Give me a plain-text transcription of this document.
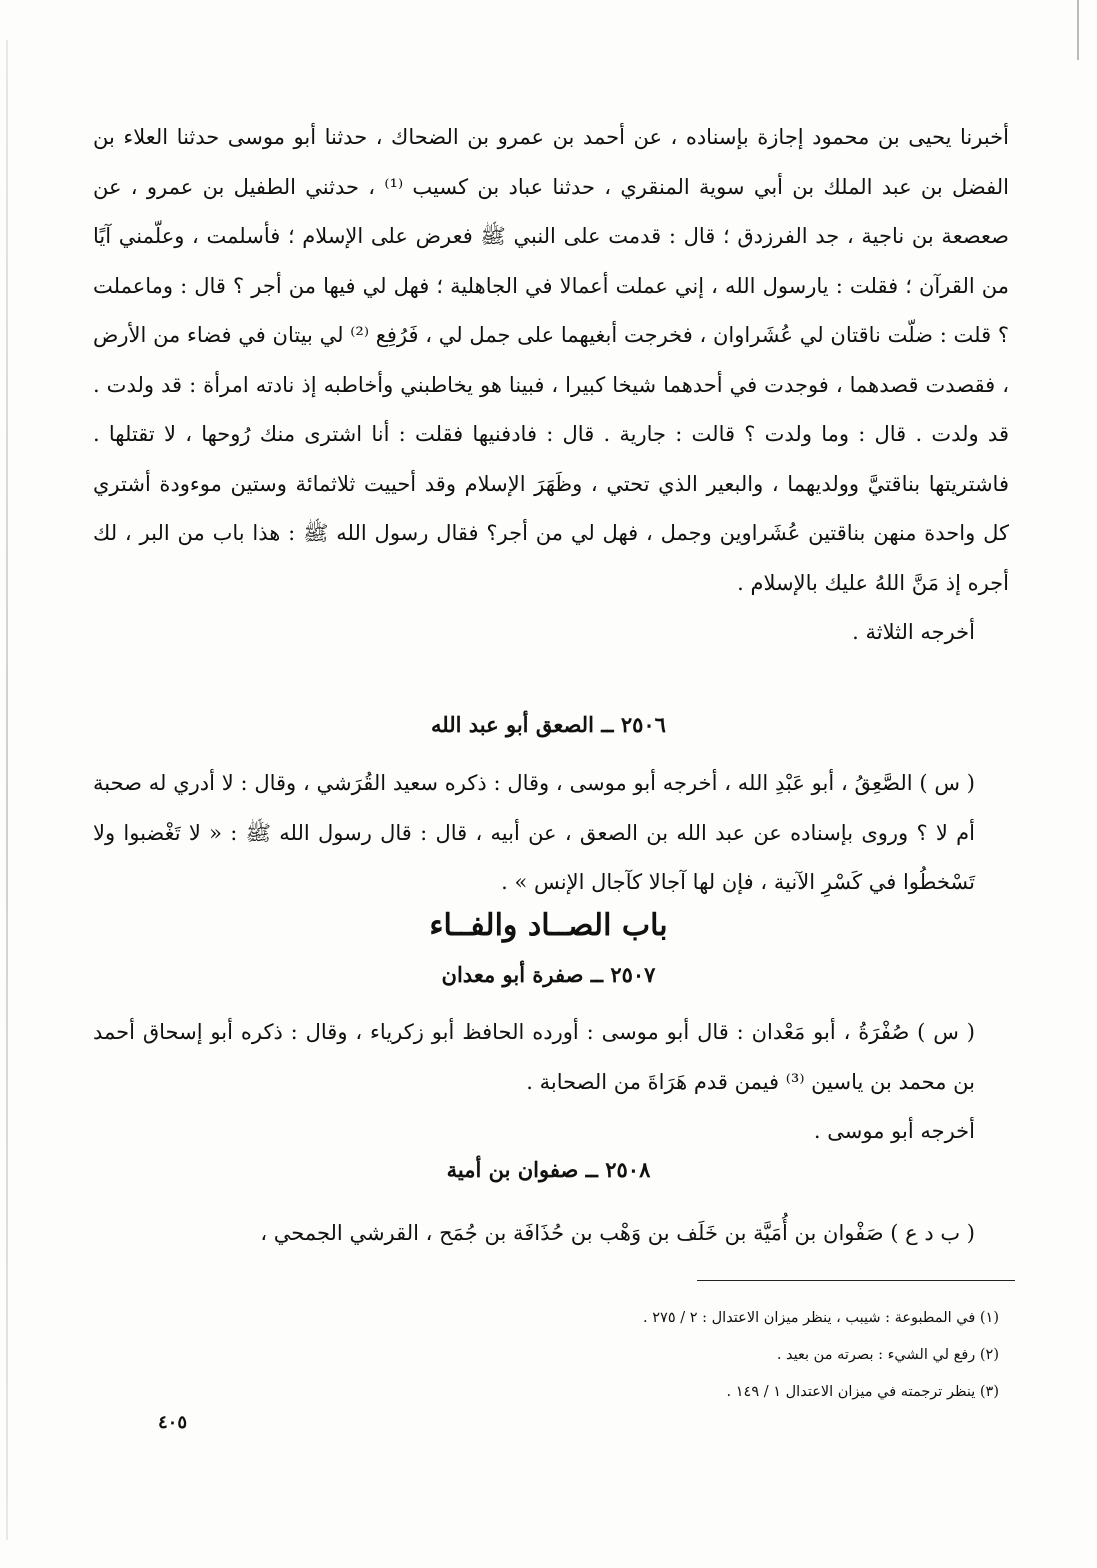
أخبرنا يحيى بن محمود إجازة بإسناده ، عن أحمد بن عمرو بن الضحاك ، حدثنا أبو موسى حدثنا العلاء بن الفضل بن عبد الملك بن أبي سوية المنقري ، حدثنا عباد بن كسيب ⁽¹⁾ ، حدثني الطفيل بن عمرو ، عن صعصعة بن ناجية ، جد الفرزدق ؛ قال : قدمت على النبي ﷺ فعرض على الإسلام ؛ فأسلمت ، وعلّمني آيًا من القرآن ؛ فقلت : يارسول الله ، إني عملت أعمالا في الجاهلية ؛ فهل لي فيها من أجر ؟ قال : وماعملت ؟ قلت : ضلّت ناقتان لي عُشَراوان ، فخرجت أبغيهما على جمل لي ، فَرُفِع ⁽²⁾ لي بيتان في فضاء من الأرض ، فقصدت قصدهما ، فوجدت في أحدهما شيخا كبيرا ، فبينا هو يخاطبني وأخاطبه إذ نادته امرأة : قد ولدت . قد ولدت . قال : وما ولدت ؟ قالت : جارية . قال : فادفنيها فقلت : أنا اشترى منك رُوحها ، لا تقتلها . فاشتريتها بناقتيَّ وولديهما ، والبعير الذي تحتي ، وظَهَرَ الإسلام وقد أحييت ثلاثمائة وستين موءودة أشتري كل واحدة منهن بناقتين عُشَراوين وجمل ، فهل لي من أجر؟ فقال رسول الله ﷺ : هذا باب من البر ، لك أجره إذ مَنَّ اللهُ عليك بالإسلام .

أخرجه الثلاثة .

٢٥٠٦ ــ الصعق أبو عبد الله

( س ) الصَّعِقُ ، أبو عَبْدِ الله ، أخرجه أبو موسى ، وقال : ذكره سعيد القُرَشي ، وقال : لا أدري له صحبة أم لا ؟ وروى بإسناده عن عبد الله بن الصعق ، عن أبيه ، قال : قال رسول الله ﷺ : « لا تَغْضبوا ولا تَسْخطُوا في كَسْرِ الآنية ، فإن لها آجالا كآجال الإنس » .

باب الصــاد والفــاء
٢٥٠٧ ــ صفرة أبو معدان

( س ) صُفْرَةُ ، أبو مَعْدان : قال أبو موسى : أورده الحافظ أبو زكرياء ، وقال : ذكره أبو إسحاق أحمد بن محمد بن ياسين ⁽³⁾ فيمن قدم هَرَاةَ من الصحابة .

أخرجه أبو موسى .

٢٥٠٨ ــ صفوان بن أمية

( ب د ع ) صَفْوان بن أُمَيَّة بن خَلَف بن وَهْب بن حُذَافَة بن جُمَح ، القرشي الجمحي ،

(١) في المطبوعة : شيبب ، ينظر ميزان الاعتدال : ٢ / ٢٧٥ .
(٢) رفع لي الشيء : بصرته من بعيد .
(٣) ينظر ترجمته في ميزان الاعتدال ١ / ١٤٩ .
٤٠٥
